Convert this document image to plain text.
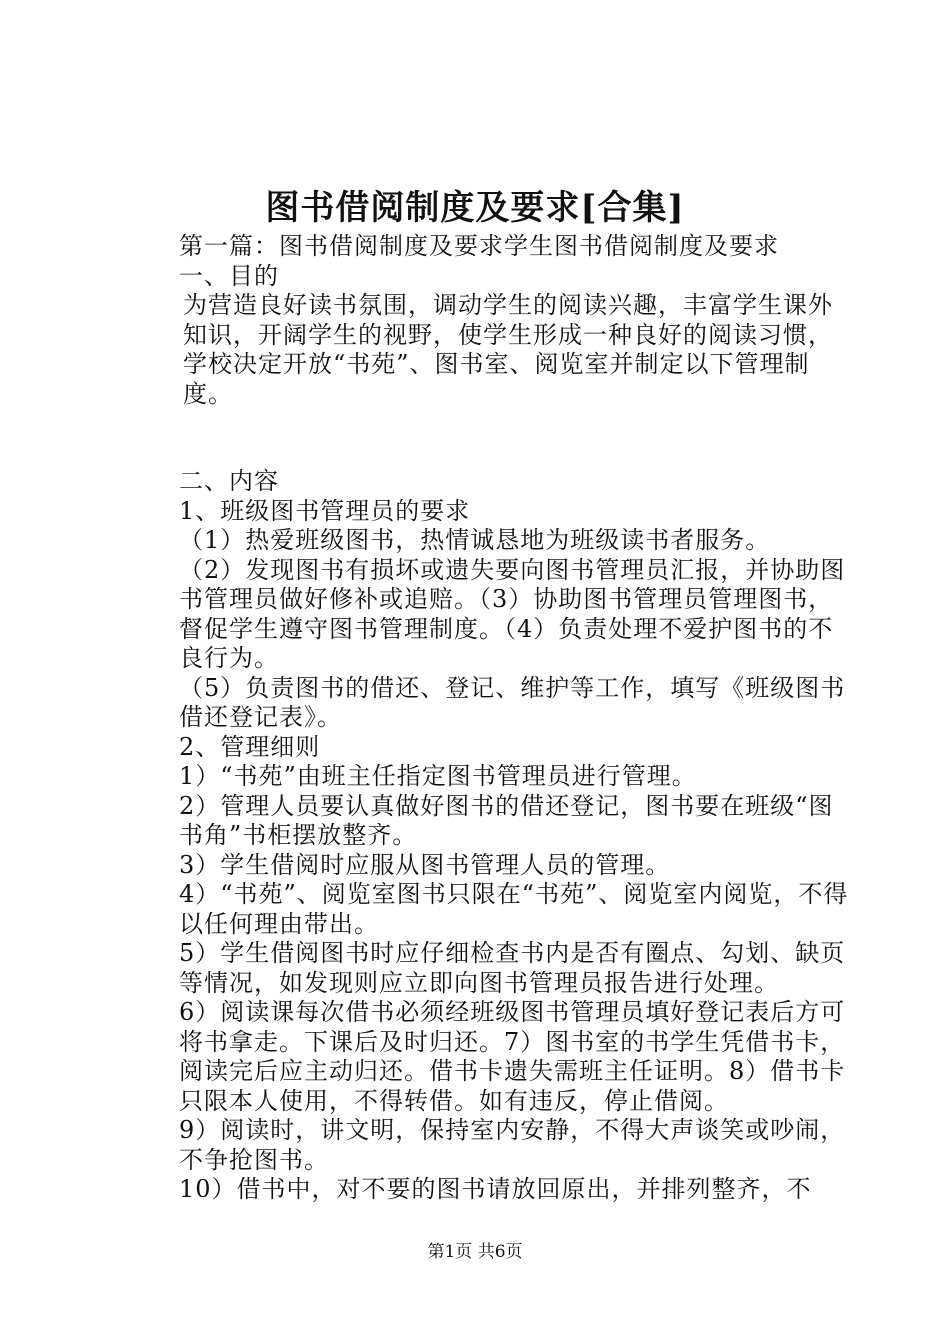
图书借阅制度及要求[合集]

第一篇：图书借阅制度及要求学生图书借阅制度及要求

一、目的

为营造良好读书氛围，调动学生的阅读兴趣，丰富学生课外知识，开阔学生的视野，使学生形成一种良好的阅读习惯，学校决定开放“书苑”、图书室、阅览室并制定以下管理制度。

二、内容

1、班级图书管理员的要求

（1）热爱班级图书，热情诚恳地为班级读书者服务。

（2）发现图书有损坏或遗失要向图书管理员汇报，并协助图书管理员做好修补或追赔。（3）协助图书管理员管理图书，督促学生遵守图书管理制度。（4）负责处理不爱护图书的不良行为。

（5）负责图书的借还、登记、维护等工作，填写《班级图书借还登记表》。

2、管理细则

1）“书苑”由班主任指定图书管理员进行管理。

2）管理人员要认真做好图书的借还登记，图书要在班级“图书角”书柜摆放整齐。

3）学生借阅时应服从图书管理人员的管理。

4）“书苑”、阅览室图书只限在“书苑”、阅览室内阅览，不得以任何理由带出。

5）学生借阅图书时应仔细检查书内是否有圈点、勾划、缺页等情况，如发现则应立即向图书管理员报告进行处理。

6）阅读课每次借书必须经班级图书管理员填好登记表后方可将书拿走。下课后及时归还。7）图书室的书学生凭借书卡，阅读完后应主动归还。借书卡遗失需班主任证明。8）借书卡只限本人使用，不得转借。如有违反，停止借阅。

9）阅读时，讲文明，保持室内安静，不得大声谈笑或吵闹，不争抢图书。

10）借书中，对不要的图书请放回原出，并排列整齐，不

第1页 共6页
